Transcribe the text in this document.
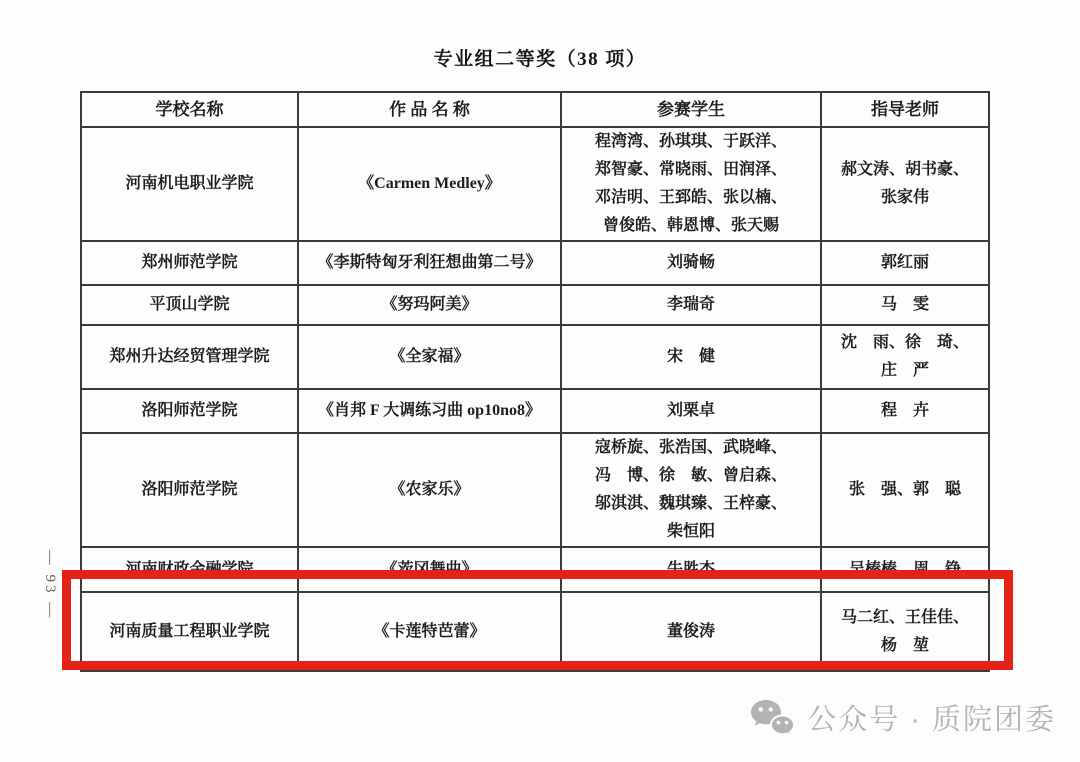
专业组二等奖（38 项）
学校名称	作 品 名 称	参赛学生	指导老师
河南机电职业学院	《Carmen Medley》	程湾湾、孙琪琪、于跃洋、郑智豪、常晓雨、田润泽、邓洁明、王郅皓、张以楠、曾俊皓、韩恩博、张天赐	郝文涛、胡书豪、张家伟
郑州师范学院	《李斯特匈牙利狂想曲第二号》	刘骑畅	郭红丽
平顶山学院	《努玛阿美》	李瑞奇	马　雯
郑州升达经贸管理学院	《全家福》	宋　健	沈　雨、徐　琦、庄　严
洛阳师范学院	《肖邦 F 大调练习曲 op10no8》	刘栗卓	程　卉
洛阳师范学院	《农家乐》	寇桥旋、张浩国、武晓峰、冯　博、徐　敏、曾启森、邬淇淇、魏琪臻、王梓豪、柴恒阳	张　强、郭　聪
河南财政金融学院	《茨冈舞曲》	牛胜杰	吴榛榛、周　铮
河南质量工程职业学院	《卡莲特芭蕾》	董俊涛	马二红、王佳佳、杨　堃
— 93 —
公众号 · 质院团委
